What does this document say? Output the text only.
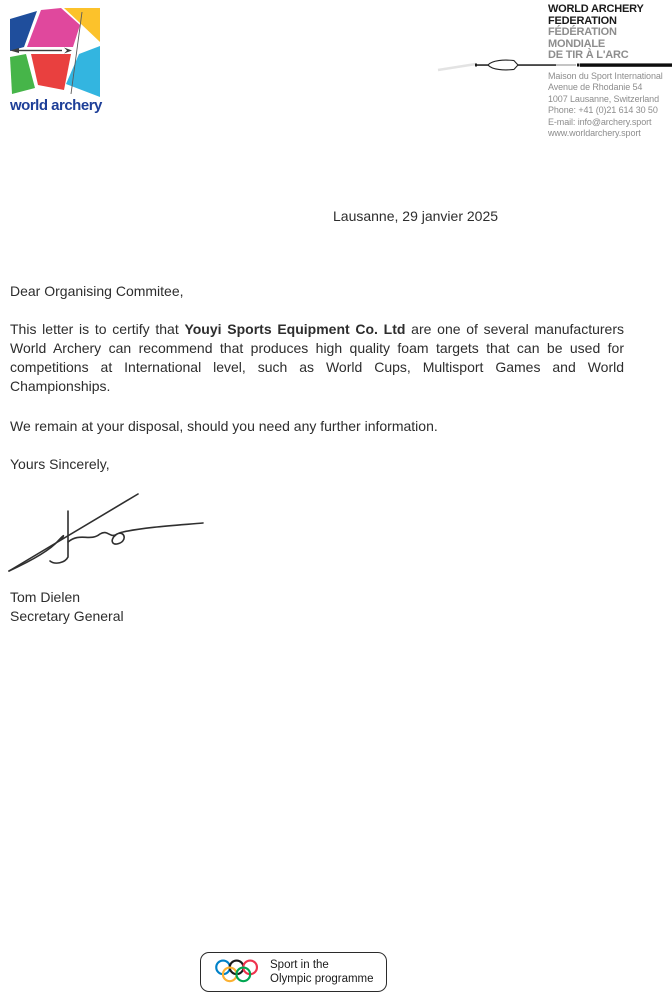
world archery
WORLD ARCHERY
FEDERATION
FÉDÉRATION
MONDIALE
DE TIR À L'ARC
Maison du Sport International
Avenue de Rhodanie 54
1007 Lausanne, Switzerland
Phone: +41 (0)21 614 30 50
E-mail: info@archery.sport
www.worldarchery.sport
Lausanne, 29 janvier 2025
Dear Organising Commitee,
This letter is to certify that Youyi Sports Equipment Co. Ltd are one of several manufacturers
World Archery can recommend that produces high quality foam targets that can be used for
competitions at International level, such as World Cups, Multisport Games and World
Championships.
We remain at your disposal, should you need any further information.
Yours Sincerely,
Tom Dielen
Secretary General
Sport in the
Olympic programme
